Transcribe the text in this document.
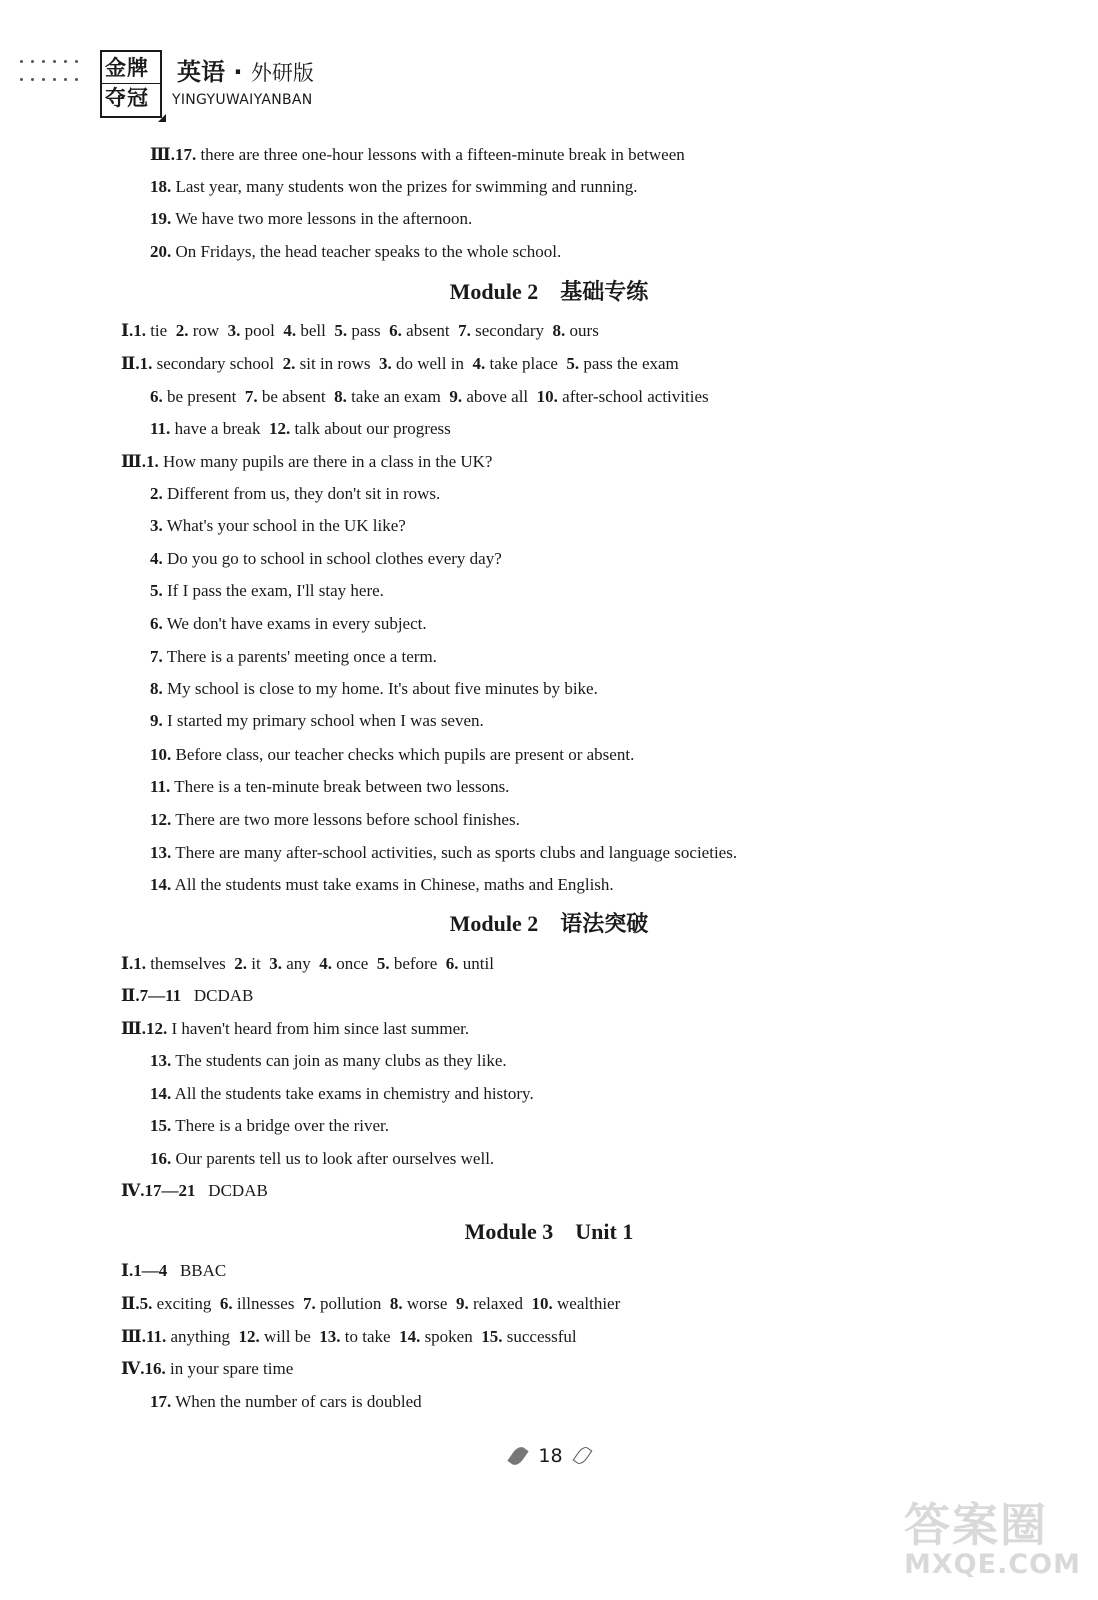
金牌
夺冠
英语 · 外研版
YINGYUWAIYANBAN
Ⅲ.17. there are three one-hour lessons with a fifteen-minute break in between
18. Last year, many students won the prizes for swimming and running.
19. We have two more lessons in the afternoon.
20. On Fridays, the head teacher speaks to the whole school.
Module 2 基础专练
Ⅰ.1. tie  2. row  3. pool  4. bell  5. pass  6. absent  7. secondary  8. ours
Ⅱ.1. secondary school  2. sit in rows  3. do well in  4. take place  5. pass the exam
6. be present  7. be absent  8. take an exam  9. above all  10. after-school activities
11. have a break  12. talk about our progress
Ⅲ.1. How many pupils are there in a class in the UK?
2. Different from us, they don't sit in rows.
3. What's your school in the UK like?
4. Do you go to school in school clothes every day?
5. If I pass the exam, I'll stay here.
6. We don't have exams in every subject.
7. There is a parents' meeting once a term.
8. My school is close to my home. It's about five minutes by bike.
9. I started my primary school when I was seven.
10. Before class, our teacher checks which pupils are present or absent.
11. There is a ten-minute break between two lessons.
12. There are two more lessons before school finishes.
13. There are many after-school activities, such as sports clubs and language societies.
14. All the students must take exams in Chinese, maths and English.
Module 2 语法突破
Ⅰ.1. themselves  2. it  3. any  4. once  5. before  6. until
Ⅱ.7—11   DCDAB
Ⅲ.12. I haven't heard from him since last summer.
13. The students can join as many clubs as they like.
14. All the students take exams in chemistry and history.
15. There is a bridge over the river.
16. Our parents tell us to look after ourselves well.
Ⅳ.17—21   DCDAB
Module 3 Unit 1
Ⅰ.1—4   BBAC
Ⅱ.5. exciting  6. illnesses  7. pollution  8. worse  9. relaxed  10. wealthier
Ⅲ.11. anything  12. will be  13. to take  14. spoken  15. successful
Ⅳ.16. in your spare time
17. When the number of cars is doubled
18
答案圈
MXQE.COM
